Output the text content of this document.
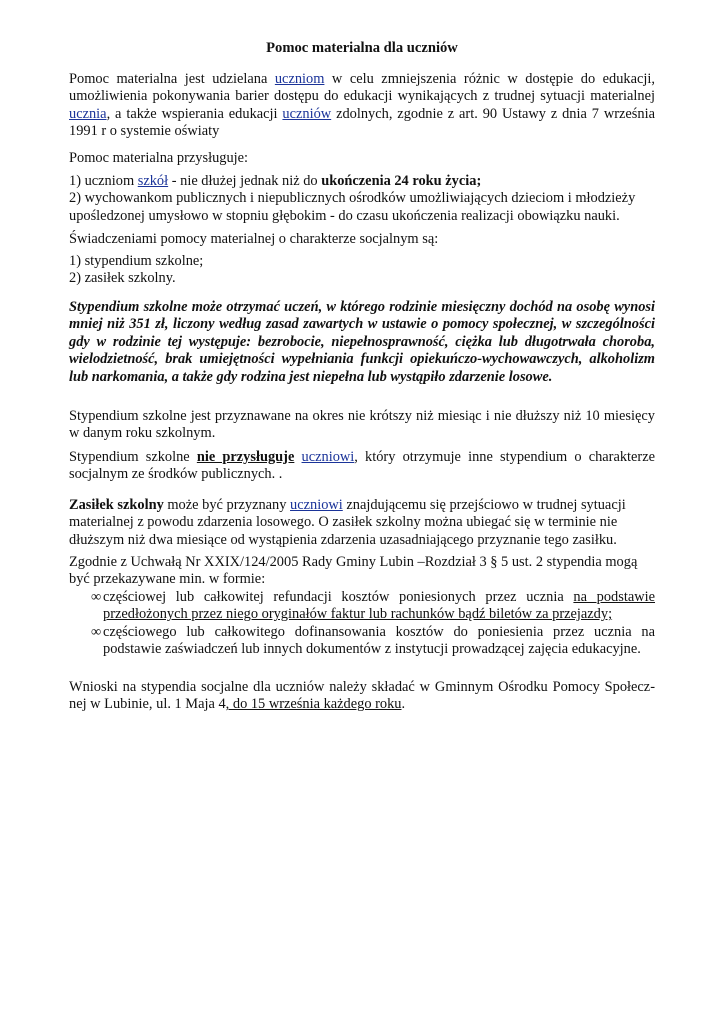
Pomoc materialna dla uczniów
Pomoc materialna jest udzielana uczniom w celu zmniejszenia różnic w dostępie do edukacji, umożliwienia pokonywania barier dostępu do edukacji wynikających z trudnej sytuacji materialnej ucznia, a także wspierania edukacji uczniów zdolnych, zgodnie z art. 90 Ustawy z dnia 7 września 1991 r o systemie oświaty
Pomoc materialna przysługuje:

1) uczniom szkół - nie dłużej jednak niż do ukończenia 24 roku życia;

2) wychowankom publicznych i niepublicznych ośrodków umożliwiających dzieciom i młodzieży upośledzonej umysłowo w stopniu głębokim - do czasu ukończenia realizacji obowiązku nauki.

Świadczeniami pomocy materialnej o charakterze socjalnym są:

1) stypendium szkolne;

2) zasiłek szkolny.

Stypendium szkolne może otrzymać uczeń, w którego rodzinie miesięczny dochód na osobę wynosi mniej niż 351 zł, liczony według zasad zawartych w ustawie o pomocy społecznej, w szczególności gdy w rodzinie tej występuje: bezrobocie, niepełnosprawność, ciężka lub długotrwała choroba, wielodzietność, brak umiejętności wypełniania funkcji opiekuńczo-wychowawczych, alkoholizm lub narkomania, a także gdy rodzina jest niepełna lub wystąpiło zdarzenie losowe.
Stypendium szkolne jest przyznawane na okres nie krótszy niż miesiąc i nie dłuższy niż 10 miesięcy w danym roku szkolnym.
Stypendium szkolne nie przysługuje uczniowi, który otrzymuje inne stypendium o charakterze socjalnym ze środków publicznych. .
Zasiłek szkolny może być przyznany uczniowi znajdującemu się przejściowo w trudnej sytuacji materialnej z powodu zdarzenia losowego. O zasiłek szkolny można ubiegać się w terminie nie dłuższym niż dwa miesiące od wystąpienia zdarzenia uzasadniającego przyznanie tego zasiłku.
Zgodnie z Uchwałą Nr XXIX/124/2005 Rady Gminy Lubin –Rozdział 3 § 5 ust. 2 stypendia mogą być przekazywane min. w formie:
∞ częściowej lub całkowitej refundacji kosztów poniesionych przez ucznia na podstawie przedłożonych przez niego oryginałów faktur lub rachunków bądź biletów za przejazdy;
∞ częściowego lub całkowitego dofinansowania kosztów do poniesienia przez ucznia na podstawie zaświadczeń lub innych dokumentów z instytucji prowadzącej zajęcia edukacyjne.
Wnioski na stypendia socjalne dla uczniów należy składać w Gminnym Ośrodku Pomocy Społecz-nej w Lubinie, ul. 1 Maja 4, do 15 września każdego roku.
